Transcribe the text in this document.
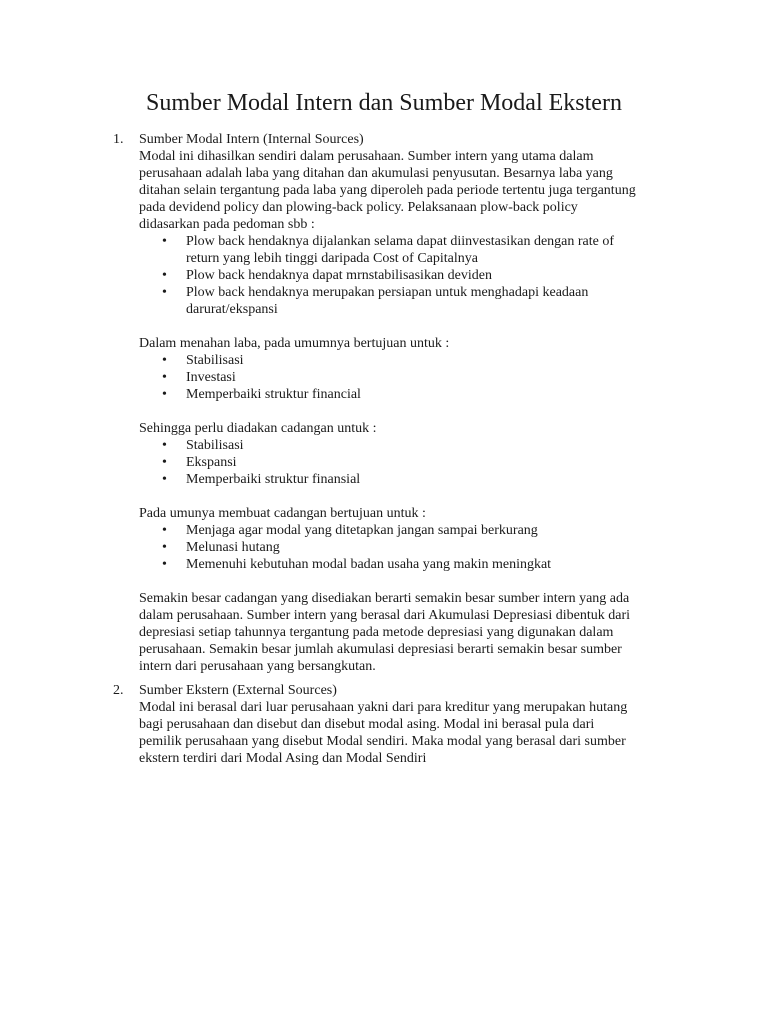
Sumber Modal Intern dan Sumber Modal Ekstern
1. Sumber Modal Intern (Internal Sources)

Modal ini dihasilkan sendiri dalam perusahaan. Sumber intern yang utama dalam perusahaan adalah laba yang ditahan dan akumulasi penyusutan. Besarnya laba yang ditahan selain tergantung pada laba yang diperoleh pada periode tertentu juga tergantung pada devidend policy dan plowing-back policy. Pelaksanaan plow-back policy didasarkan pada pedoman sbb :

• Plow back hendaknya dijalankan selama dapat diinvestasikan dengan rate of return yang lebih tinggi daripada Cost of Capitalnya
• Plow back hendaknya dapat mrnstabilisasikan deviden
• Plow back hendaknya merupakan persiapan untuk menghadapi keadaan darurat/ekspansi

Dalam menahan laba, pada umumnya bertujuan untuk :

• Stabilisasi
• Investasi
• Memperbaiki struktur financial

Sehingga perlu diadakan cadangan untuk :

• Stabilisasi
• Ekspansi
• Memperbaiki struktur finansial

Pada umunya membuat cadangan bertujuan untuk :

• Menjaga agar modal yang ditetapkan jangan sampai berkurang
• Melunasi hutang
• Memenuhi kebutuhan modal badan usaha yang makin meningkat

Semakin besar cadangan yang disediakan berarti semakin besar sumber intern yang ada dalam perusahaan. Sumber intern yang berasal dari Akumulasi Depresiasi dibentuk dari depresiasi setiap tahunnya tergantung pada metode depresiasi yang digunakan dalam perusahaan. Semakin besar jumlah akumulasi depresiasi berarti semakin besar sumber intern dari perusahaan yang bersangkutan.

2. Sumber Ekstern (External Sources)

Modal ini berasal dari luar perusahaan yakni dari para kreditur yang merupakan hutang bagi perusahaan dan disebut dan disebut modal asing. Modal ini berasal pula dari pemilik perusahaan yang disebut Modal sendiri. Maka modal yang berasal dari sumber ekstern terdiri dari Modal Asing dan Modal Sendiri
